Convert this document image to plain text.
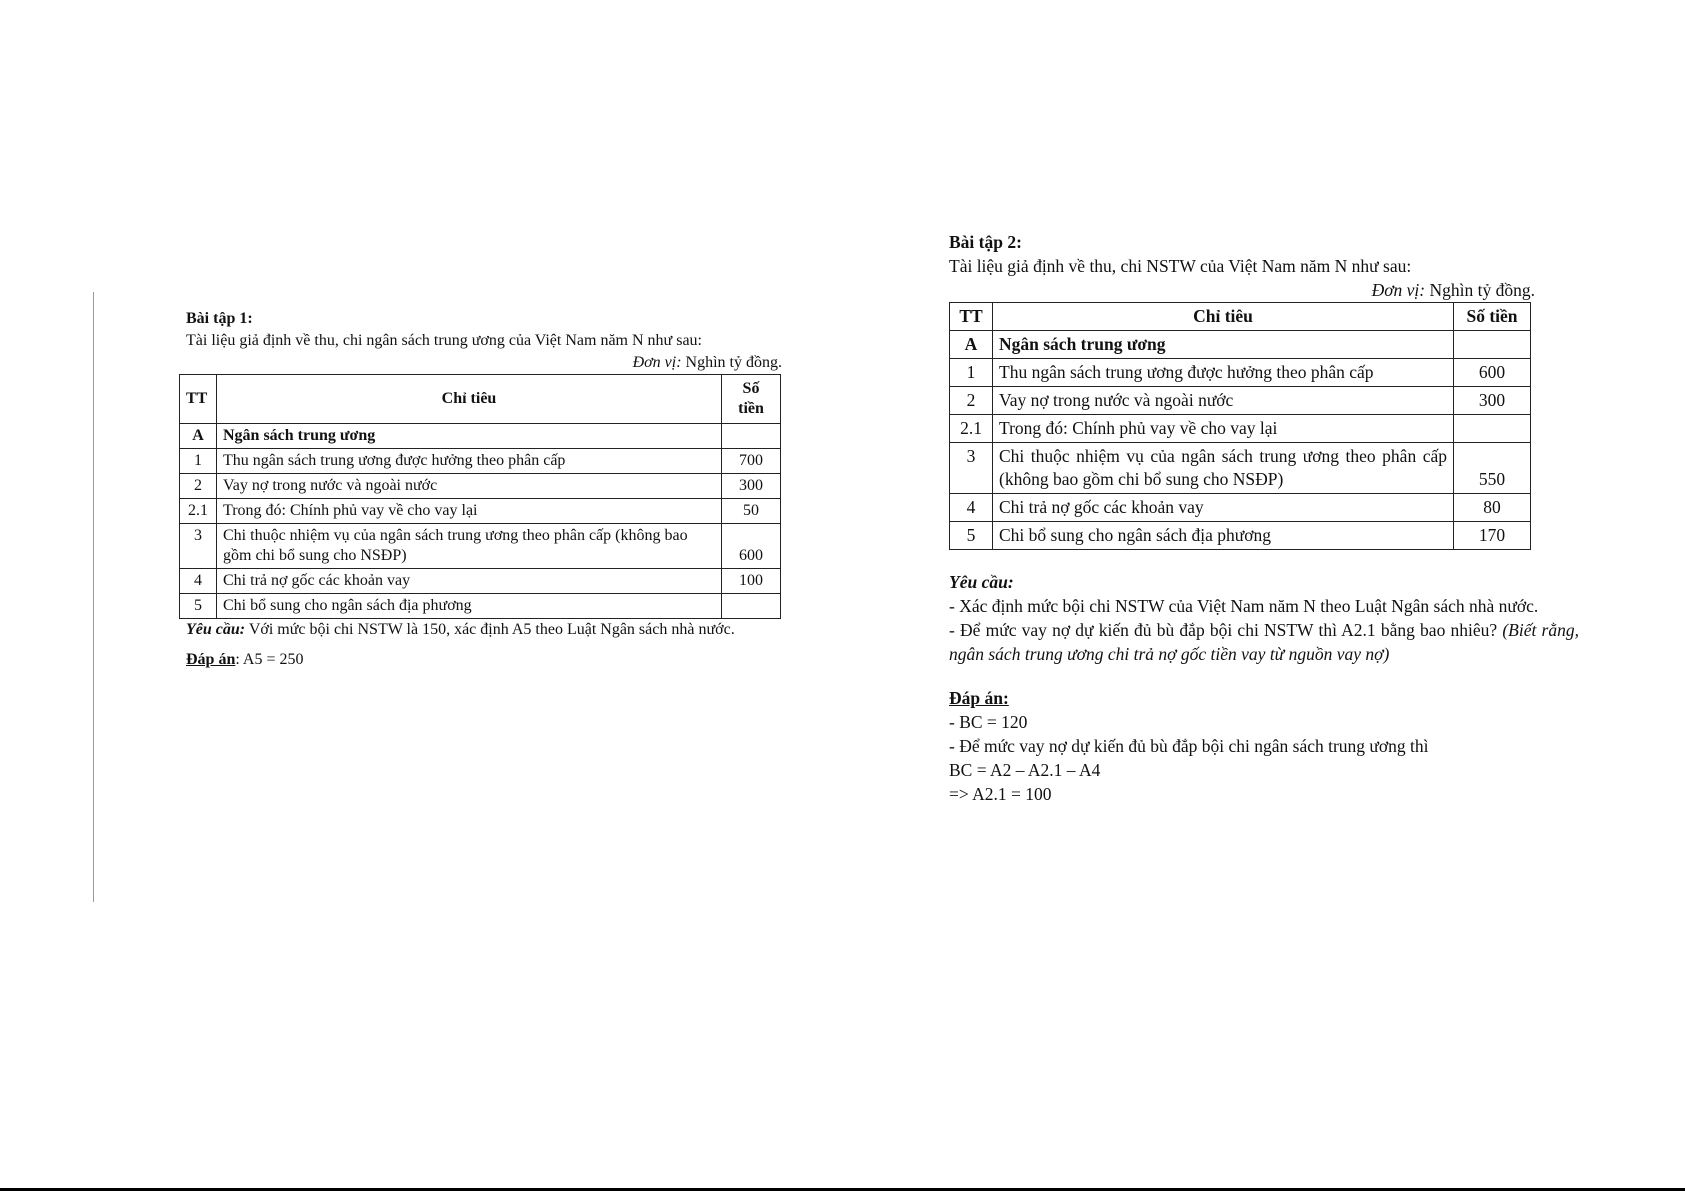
Bài tập 1:
Tài liệu giả định về thu, chi ngân sách trung ương của Việt Nam năm N như sau:
Đơn vị: Nghìn tỷ đồng.
TT	Chỉ tiêu	Số tiền
A	Ngân sách trung ương	
1	Thu ngân sách trung ương được hưởng theo phân cấp	700
2	Vay nợ trong nước và ngoài nước	300
2.1	Trong đó: Chính phủ vay về cho vay lại	50
3	Chi thuộc nhiệm vụ của ngân sách trung ương theo phân cấp (không bao gồm chi bổ sung cho NSĐP)	600
4	Chi trả nợ gốc các khoản vay	100
5	Chi bổ sung cho ngân sách địa phương	
Yêu cầu: Với mức bội chi NSTW là 150, xác định A5 theo Luật Ngân sách nhà nước.
Đáp án: A5 = 250
Bài tập 2:
Tài liệu giả định về thu, chi NSTW của Việt Nam năm N như sau:
Đơn vị: Nghìn tỷ đồng.
TT	Chỉ tiêu	Số tiền
A	Ngân sách trung ương	
1	Thu ngân sách trung ương được hưởng theo phân cấp	600
2	Vay nợ trong nước và ngoài nước	300
2.1	Trong đó: Chính phủ vay về cho vay lại	
3	Chi thuộc nhiệm vụ của ngân sách trung ương theo phân cấp (không bao gồm chi bổ sung cho NSĐP)	550
4	Chi trả nợ gốc các khoản vay	80
5	Chi bổ sung cho ngân sách địa phương	170
Yêu cầu:
- Xác định mức bội chi NSTW của Việt Nam năm N theo Luật Ngân sách nhà nước.
- Để mức vay nợ dự kiến đủ bù đắp bội chi NSTW thì A2.1 bằng bao nhiêu? (Biết rằng, ngân sách trung ương chi trả nợ gốc tiền vay từ nguồn vay nợ)
Đáp án:
- BC = 120
- Để mức vay nợ dự kiến đủ bù đắp bội chi ngân sách trung ương thì
BC = A2 – A2.1 – A4
=> A2.1 = 100
